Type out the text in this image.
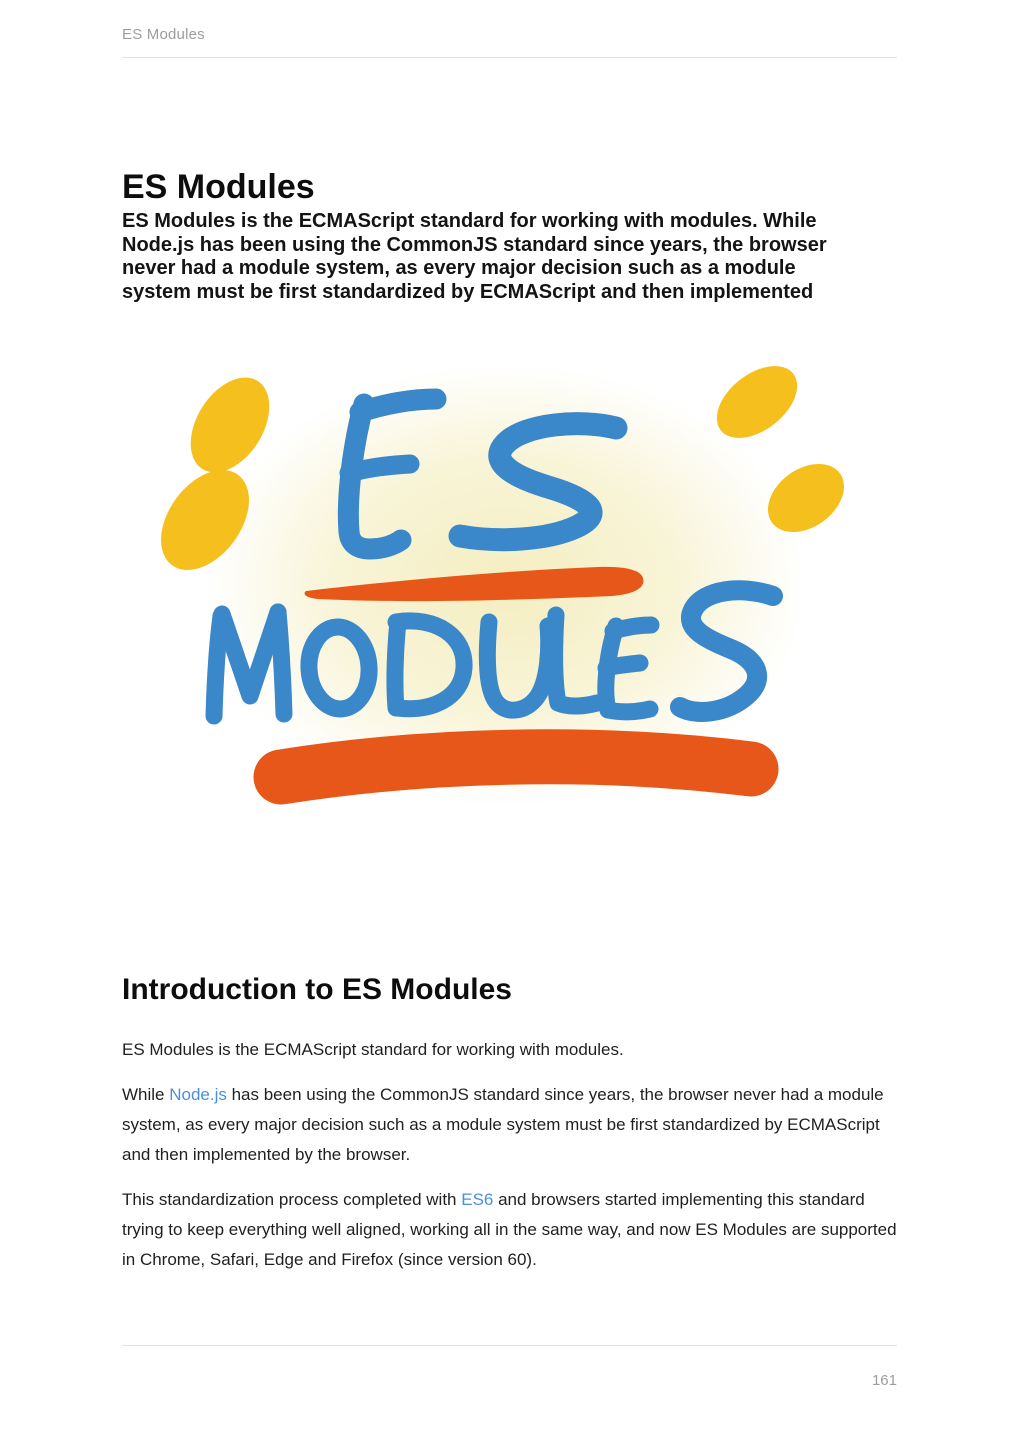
ES Modules
ES Modules
ES Modules is the ECMAScript standard for working with modules. While Node.js has been using the CommonJS standard since years, the browser never had a module system, as every major decision such as a module system must be first standardized by ECMAScript and then implemented
Introduction to ES Modules

ES Modules is the ECMAScript standard for working with modules.

While Node.js has been using the CommonJS standard since years, the browser never had a module system, as every major decision such as a module system must be first standardized by ECMAScript and then implemented by the browser.

This standardization process completed with ES6 and browsers started implementing this standard trying to keep everything well aligned, working all in the same way, and now ES Modules are supported in Chrome, Safari, Edge and Firefox (since version 60).

161
